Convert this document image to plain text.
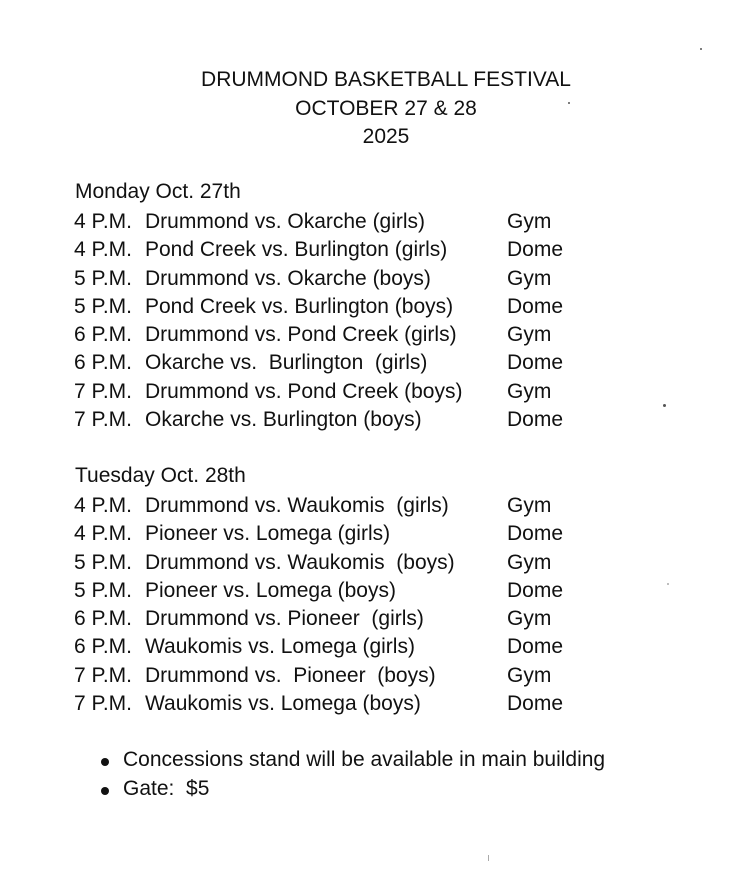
DRUMMOND BASKETBALL FESTIVAL
OCTOBER 27 & 28
2025
Monday Oct. 27th
4 P.M. Drummond vs. Okarche (girls)	Gym
4 P.M. Pond Creek vs. Burlington (girls)	Dome
5 P.M. Drummond vs. Okarche (boys)	Gym
5 P.M. Pond Creek vs. Burlington (boys)	Dome
6 P.M. Drummond vs. Pond Creek (girls) Gym
6 P.M. Okarche vs.  Burlington  (girls)	Dome
7 P.M. Drummond vs. Pond Creek (boys) Gym
7 P.M. Okarche vs. Burlington (boys)	Dome
Tuesday Oct. 28th
4 P.M. Drummond vs. Waukomis  (girls)	Gym
4 P.M. Pioneer vs. Lomega (girls)	Dome
5 P.M. Drummond vs. Waukomis  (boys) Gym
5 P.M. Pioneer vs. Lomega (boys)	Dome
6 P.M. Drummond vs. Pioneer  (girls)	Gym
6 P.M. Waukomis vs. Lomega (girls)	Dome
7 P.M. Drummond vs.  Pioneer  (boys)	Gym
7 P.M. Waukomis vs. Lomega (boys)	Dome
Concessions stand will be available in main building
Gate:  $5
